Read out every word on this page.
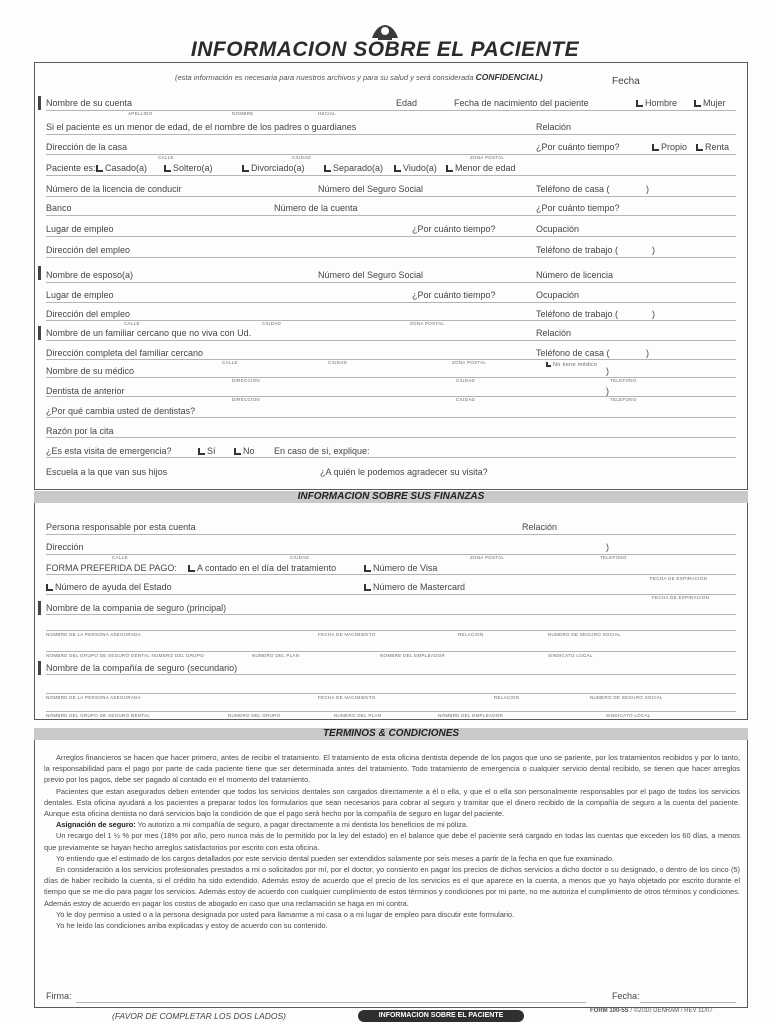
INFORMACION SOBRE EL PACIENTE
(esta información es necesaria para nuestros archivos y para su salud y será considerada CONFIDENCIAL)	Fecha
Nombre de su cuenta	Edad	Fecha de nacimiento del paciente	Hombre	Mujer
APELLIDO	NOMBRE	INICIAL
Si el paciente es un menor de edad, de el nombre de los padres o guardianes	Relación
Dirección de la casa	¿Por cuánto tiempo?	Propio	Renta
CALLE	CIUDAD	ZONA POSTAL
Paciente es:	Casado(a)	Soltero(a)	Divorciado(a)	Separado(a)	Viudo(a)	Menor de edad
Número de la licencia de conducir	Número del Seguro Social	Teléfono de casa (	)
Banco	Número de la cuenta	¿Por cuánto tiempo?
Lugar de empleo	¿Por cuánto tiempo?	Ocupación
Dirección del empleo	Teléfono de trabajo (	)
Nombre de esposo(a)	Número del Seguro Social	Número de licencia
Lugar de empleo	¿Por cuánto tiempo?	Ocupación
Dirección del empleo	Teléfono de trabajo (	)
CALLE	CIUDAD	ZONA POSTAL
Nombre de un familiar cercano que no viva con Ud.	Relación
Dirección completa del familiar cercano	Teléfono de casa (	)
CALLE	CIUDAD	ZONA POSTAL	No tiene médico
Nombre de su médico	)
DIRECCION	CIUDAD	TELEFONO
Dentista de anterior	)
DIRECCION	CIUDAD	TELEFONO
¿Por qué cambia usted de dentistas?
Razón por la cita
¿Es esta visita de emergencia?	Sí	No En caso de sí, explique:
Escuela a la que van sus hijos	¿A quién le podemos agradecer su visita?
INFORMACION SOBRE SUS FINANZAS
Persona responsable por esta cuenta	Relación
Dirección	)
CALLE	CIUDAD	ZONA POSTAL	TELEFONO
FORMA PREFERIDA DE PAGO:	A contado en el día del tratamiento	Número de Visa
FECHA DE EXPIRACION
Número de ayuda del Estado	Número de Mastercard
FECHA DE EXPIRACION
Nombre de la compania de seguro (principal)
NOMBRE DE LA PERSONA ASEGURADA	FECHA DE NACIMIENTO	RELACION	NUMERO DE SEGURO SOCIAL
NOMBRE DEL GRUPO DE SEGURO DENTAL NUMERO DEL GRUPO	NUMERO DEL PLAN	NOMBRE DEL EMPLEADOR	SINDICATO LOCAL
Nombre de la compañía de seguro (secundario)
NOMBRE DE LA PERSONA ASEGURADA	FECHA DE NACIMIENTO	RELACION	NUMERO DE SEGURO SOCIAL
NOMBRE DEL GRUPO DE SEGURO DENTAL	NUMERO DEL GRUPO	NUMERO DEL PLAN	NOMBRE DEL EMPLEADOR	SINDICATO LOCAL
TERMINOS & CONDICIONES

Arreglos financieros se hacen que hacer primero, antes de recibir el tratamiento. El tratamiento de esta oficina dentista depende de los pagos que uno se pariente, por los tratamientos recibidos y por lo tanto, la responsabilidad para el pago por parte de cada paciente tiene que ser determinada antes del tratamiento. Todo tratamiento de emergencia o cualquier servicio dental recibido, se tienen que hacer arreglos previo por los pagos, debe ser pagado al contado en el momento del tratamiento.

Pacientes que estan asegurados deben entender que todos los servicios dentales son cargados directamente a él o ella, y que el o ella son personalmente responsables por el pago de todos los servicios dentales. Esta oficina ayudará a los pacientes a preparar todos los formularios que sean necesarios para cobrar al seguro y tramitar que el dinero recibido de la compañía de seguro a la cuenta del paciente. Aunque esta oficina dentista no dará servicios bajo la condición de que el pago será hecho por la compañía de seguro en lugar del paciente.

Asignación de seguro: Yo autorizo a mi compañía de seguro, a pagar directamente a mi dentista los beneficios de mi póliza.

Un recargo del 1 ½ % por mes (18% por año, pero nunca más de lo permitido por la ley del estado) en el balance que debe el paciente será cargado en todas las cuentas que exceden los 60 días, a menos que previamente se hayan hecho arreglos satisfactorios por escrito con esta oficina.

Yo entiendo que el estimado de los cargos detallados por este servicio dental pueden ser extendidos solamente por seis meses a partir de la fecha en que fue examinado.

En consideración a los servicios profesionales prestados a mi o solicitados por mí, por el doctor, yo consiento en pagar los precios de dichos servicios a dicho doctor o su designado, o dentro de los cinco (5) días de haber recibido la cuenta, si el crédito ha sido extendido. Además estoy de acuerdo que el precio de los servicios es el que aparece en la cuenta, a menos que yo haya objetado por escrito durante el tiempo que se me dio para pagar los servicios. Además estoy de acuerdo con cualquier cumplimiento de estos términos y condiciones por mi parte, no me autoriza el cumplimiento de otros términos y condiciones. Además estoy de acuerdo en pagar los costos de abogado en caso que una reclamación se haga en mi contra.

Yo le doy permiso a usted o a la persona designada por usted para llamarme a mi casa o a mi lugar de empleo para discutir este formulario.

Yo he leído las condiciones arriba explicadas y estoy de acuerdo con su contenido.

Firma:	Fecha:
(FAVOR DE COMPLETAR LOS DOS LADOS)	INFORMACION SOBRE EL PACIENTE
FORM 100-5S / ©2010 DENRAM / REV 11/07
